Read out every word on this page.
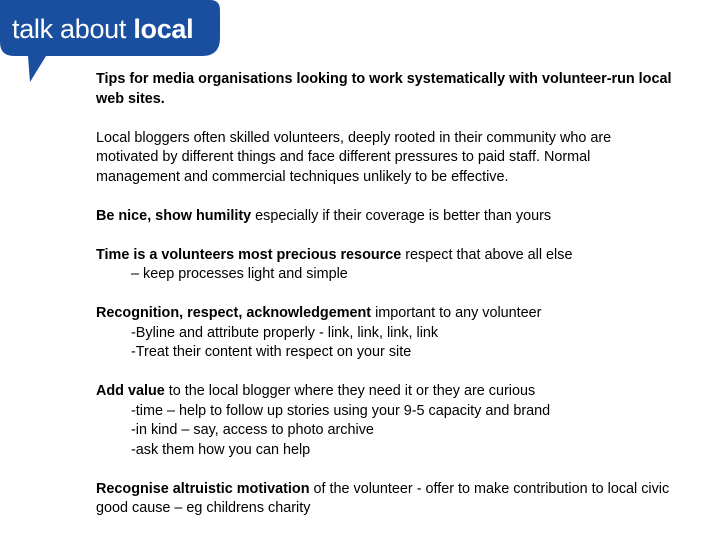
talk about local

Tips for media organisations looking to work systematically with volunteer-run local

web sites.

Local bloggers often skilled volunteers, deeply rooted in their community who are

motivated by different things and face different pressures to paid staff. Normal

management and commercial techniques unlikely to be effective.

Be nice, show humility especially if their coverage is better than yours

Time is a volunteers most precious resource respect that above all else

– keep processes light and simple

Recognition, respect, acknowledgement important to any volunteer

-Byline and attribute properly - link, link, link, link

-Treat their content with respect on your site

Add value to the local blogger where they need it or they are curious

-time – help to follow up stories using your 9-5 capacity and brand

-in kind – say, access to photo archive

-ask them how you can help

Recognise altruistic motivation of the volunteer - offer to make contribution to local civic

good cause – eg childrens charity
